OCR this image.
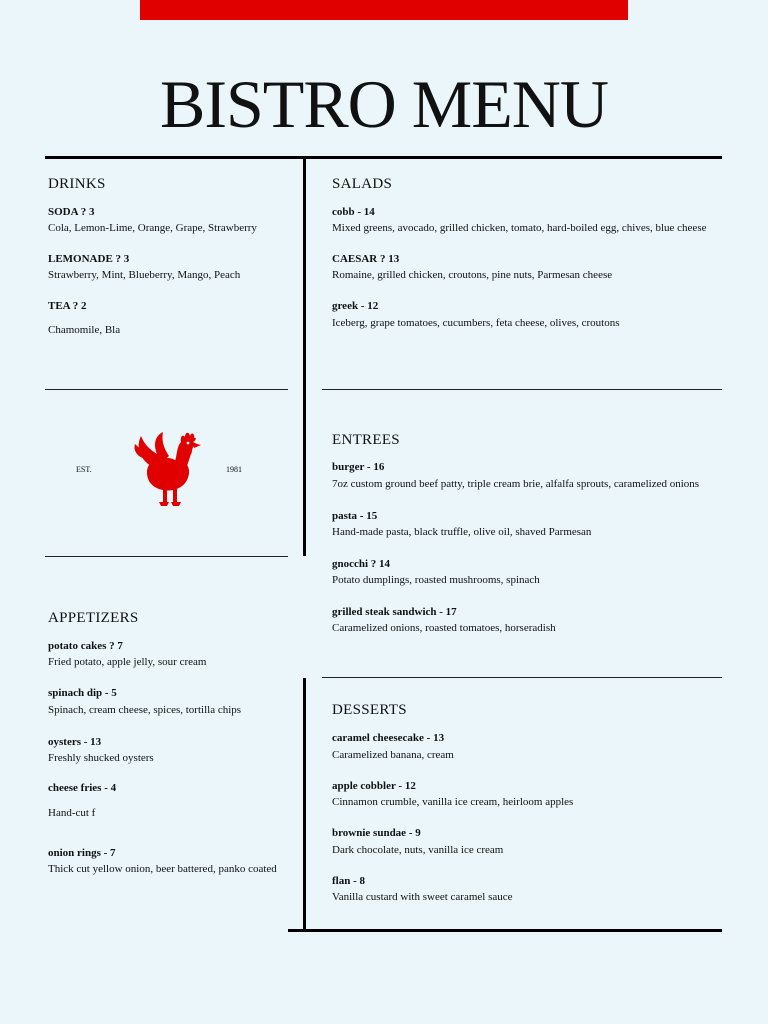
BISTRO MENU
DRINKS
SODA ? 3
Cola, Lemon-Lime, Orange, Grape, Strawberry
LEMONADE ? 3
Strawberry, Mint, Blueberry, Mango, Peach
TEA ? 2
Chamomile, Bla
EST.	1981
APPETIZERS
potato cakes ? 7
Fried potato, apple jelly, sour cream
spinach dip - 5
Spinach, cream cheese, spices, tortilla chips
oysters - 13
Freshly shucked oysters
cheese fries - 4
Hand-cut f
onion rings - 7
Thick cut yellow onion, beer battered, panko coated
SALADS
cobb - 14
Mixed greens, avocado, grilled chicken, tomato, hard-boiled egg, chives, blue cheese
CAESAR ? 13
Romaine, grilled chicken, croutons, pine nuts, Parmesan cheese
greek - 12
Iceberg, grape tomatoes, cucumbers, feta cheese, olives, croutons
ENTREES
burger - 16
7oz custom ground beef patty, triple cream brie, alfalfa sprouts, caramelized onions
pasta - 15
Hand-made pasta, black truffle, olive oil, shaved Parmesan
gnocchi ? 14
Potato dumplings, roasted mushrooms, spinach
grilled steak sandwich - 17
Caramelized onions, roasted tomatoes, horseradish
DESSERTS
caramel cheesecake - 13
Caramelized banana, cream
apple cobbler - 12
Cinnamon crumble, vanilla ice cream, heirloom apples
brownie sundae - 9
Dark chocolate, nuts, vanilla ice cream
flan - 8
Vanilla custard with sweet caramel sauce
